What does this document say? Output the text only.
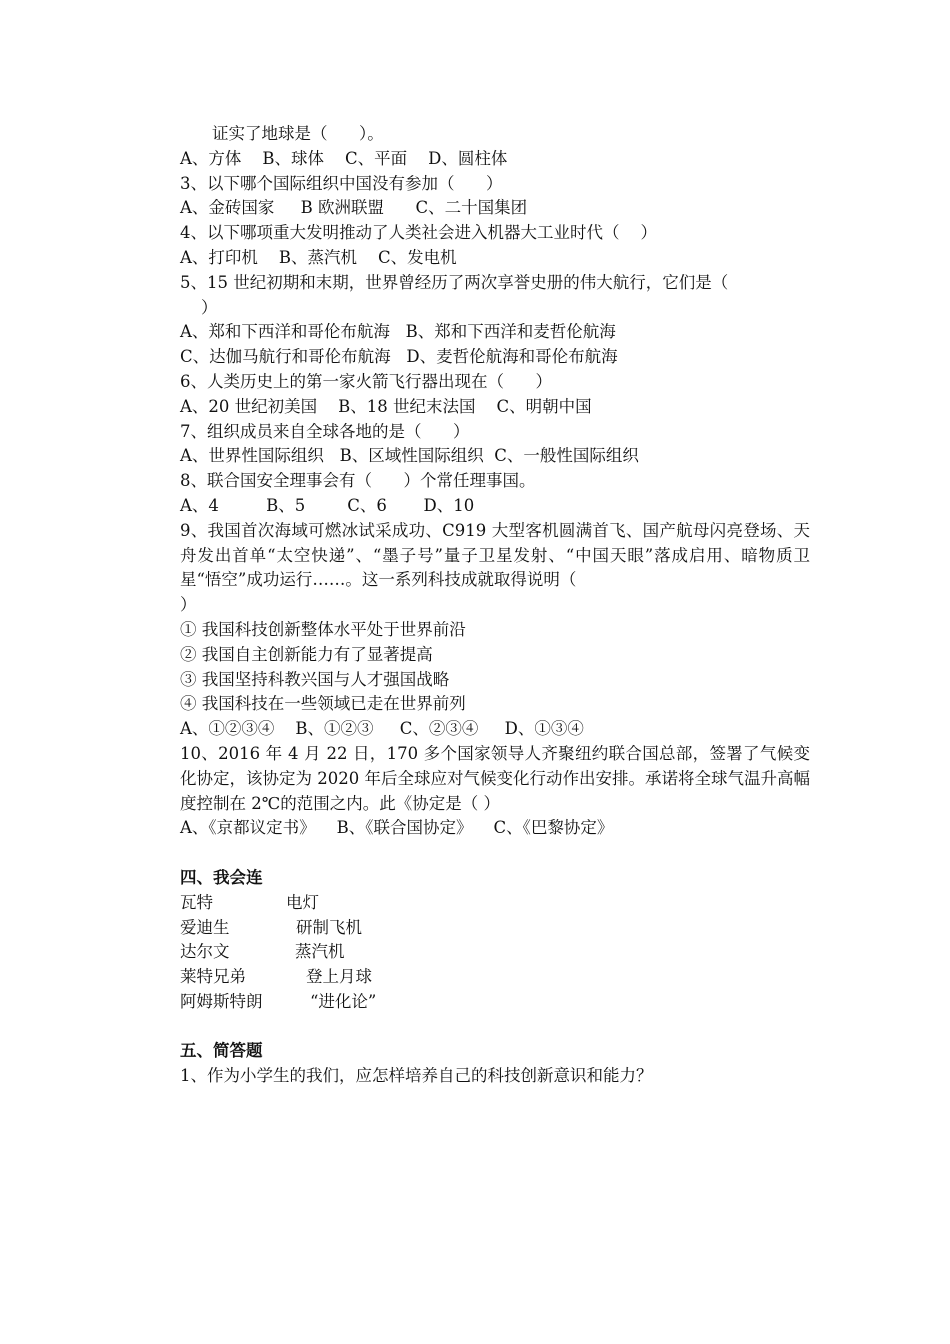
证实了地球是（      ）。
A、方体    B、球体    C、平面    D、圆柱体
3、以下哪个国际组织中国没有参加（      ）
A、金砖国家     B 欧洲联盟      C、二十国集团
4、以下哪项重大发明推动了人类社会进入机器大工业时代（    ）
A、打印机    B、蒸汽机    C、发电机
5、15 世纪初期和末期，世界曾经历了两次享誉史册的伟大航行，它们是（
）
A、郑和下西洋和哥伦布航海   B、郑和下西洋和麦哲伦航海
C、达伽马航行和哥伦布航海   D、麦哲伦航海和哥伦布航海
6、人类历史上的第一家火箭飞行器出现在（      ）
A、20 世纪初美国    B、18 世纪末法国    C、明朝中国
7、组织成员来自全球各地的是（      ）
A、世界性国际组织   B、区域性国际组织  C、一般性国际组织
8、联合国安全理事会有（      ）个常任理事国。
A、4         B、5        C、6       D、10
9、我国首次海域可燃冰试采成功、C919 大型客机圆满首飞、国产航母闪亮登场、天舟发出首单“太空快递”、“墨子号”量子卫星发射、“中国天眼”落成启用、暗物质卫星“悟空”成功运行……。这一系列科技成就取得说明（
）
① 我国科技创新整体水平处于世界前沿
② 我国自主创新能力有了显著提高
③ 我国坚持科教兴国与人才强国战略
④ 我国科技在一些领域已走在世界前列
A、①②③④    B、①②③     C、②③④     D、①③④
10、2016 年 4 月 22 日，170 多个国家领导人齐聚纽约联合国总部，签署了气候变化协定，该协定为 2020 年后全球应对气候变化行动作出安排。承诺将全球气温升高幅度控制在 2℃的范围之内。此《协定是（ ）
A、《京都议定书》    B、《联合国协定》    C、《巴黎协定》
四、我会连
瓦特	电灯
爱迪生	研制飞机
达尔文	蒸汽机
莱特兄弟	登上月球
阿姆斯特朗	“进化论”
五、简答题
1、作为小学生的我们，应怎样培养自己的科技创新意识和能力？
